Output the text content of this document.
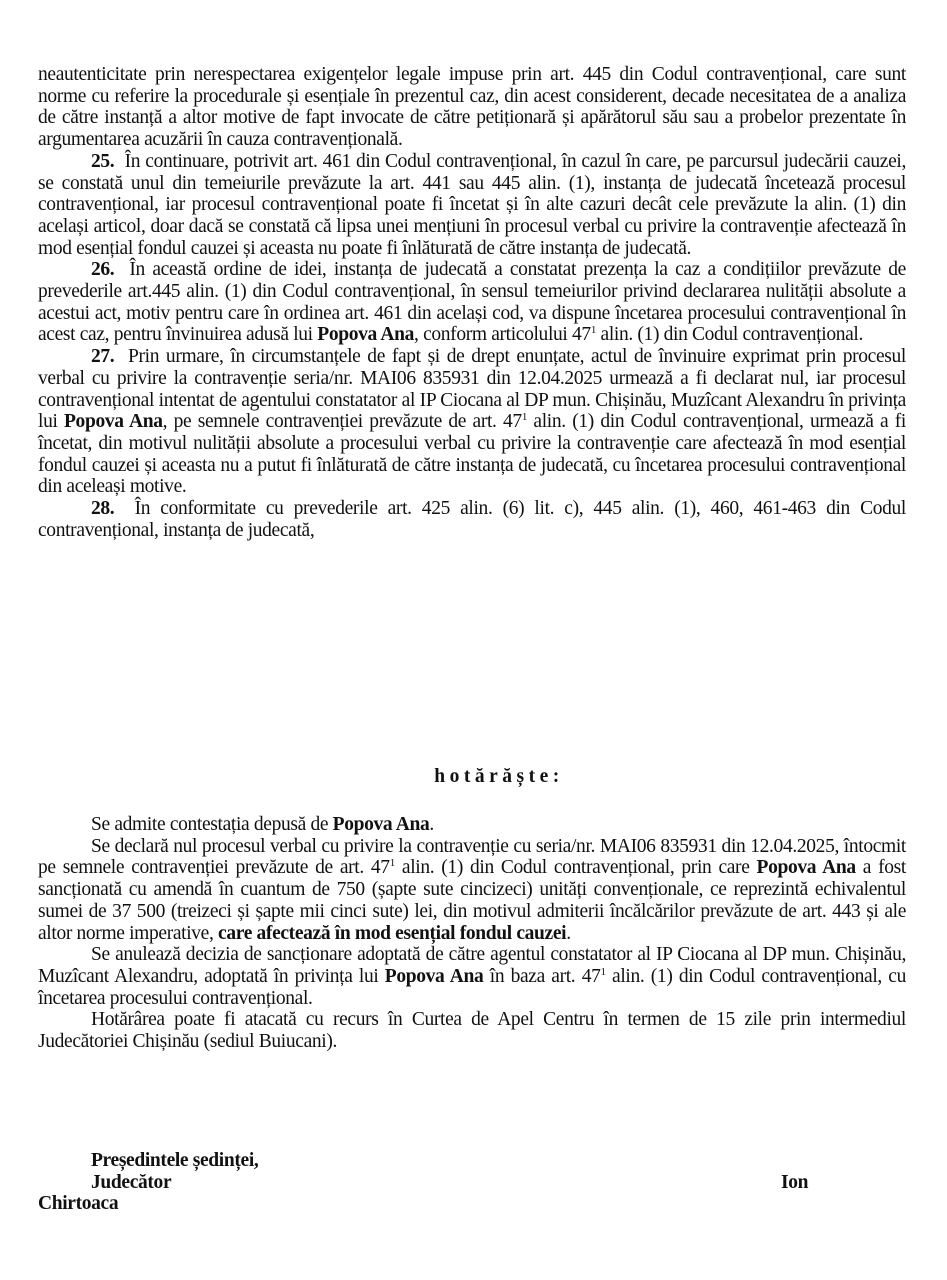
neautenticitate prin nerespectarea exigențelor legale impuse prin art. 445 din Codul contravențional, care sunt norme cu referire la procedurale și esențiale în prezentul caz, din acest considerent, decade necesitatea de a analiza de către instanță a altor motive de fapt invocate de către petiționară și apărătorul său sau a probelor prezentate în argumentarea acuzării în cauza contravențională.

25. În continuare, potrivit art. 461 din Codul contravențional, în cazul în care, pe parcursul judecării cauzei, se constată unul din temeiurile prevăzute la art. 441 sau 445 alin. (1), instanța de judecată încetează procesul contravențional, iar procesul contravențional poate fi încetat și în alte cazuri decât cele prevăzute la alin. (1) din același articol, doar dacă se constată că lipsa unei mențiuni în procesul verbal cu privire la contravenție afectează în mod esențial fondul cauzei și aceasta nu poate fi înlăturată de către instanța de judecată.

26. În această ordine de idei, instanța de judecată a constatat prezența la caz a condițiilor prevăzute de prevederile art.445 alin. (1) din Codul contravențional, în sensul temeiurilor privind declararea nulității absolute a acestui act, motiv pentru care în ordinea art. 461 din același cod, va dispune încetarea procesului contravențional în acest caz, pentru învinuirea adusă lui Popova Ana, conform articolului $47^1$ alin. (1) din Codul contravențional.

27. Prin urmare, în circumstanțele de fapt și de drept enunțate, actul de învinuire exprimat prin procesul verbal cu privire la contravenție seria/nr. MAI06 835931 din 12.04.2025 urmează a fi declarat nul, iar procesul contravențional intentat de agentului constatator al IP Ciocana al DP mun. Chișinău, Muzîcant Alexandru în privința lui Popova Ana, pe semnele contravenției prevăzute de art. $47^1$ alin. (1) din Codul contravențional, urmează a fi încetat, din motivul nulității absolute a procesului verbal cu privire la contravenție care afectează în mod esențial fondul cauzei și aceasta nu a putut fi înlăturată de către instanța de judecată, cu încetarea procesului contravențional din aceleași motive.

28. În conformitate cu prevederile art. 425 alin. (6) lit. c), 445 alin. (1), 460, 461-463 din Codul contravențional, instanța de judecată,

hotărăște:

Se admite contestația depusă de Popova Ana.

Se declară nul procesul verbal cu privire la contravenție cu seria/nr. MAI06 835931 din 12.04.2025, întocmit pe semnele contravenției prevăzute de art. $47^1$ alin. (1) din Codul contravențional, prin care Popova Ana a fost sancționată cu amendă în cuantum de 750 (șapte sute cincizeci) unități convenționale, ce reprezintă echivalentul sumei de 37 500 (treizeci și șapte mii cinci sute) lei, din motivul admiterii încălcărilor prevăzute de art. 443 și ale altor norme imperative, care afectează în mod esențial fondul cauzei.

Se anulează decizia de sancționare adoptată de către agentul constatator al IP Ciocana al DP mun. Chișinău, Muzîcant Alexandru, adoptată în privința lui Popova Ana în baza art. $47^1$ alin. (1) din Codul contravențional, cu încetarea procesului contravențional.

Hotărârea poate fi atacată cu recurs în Curtea de Apel Centru în termen de 15 zile prin intermediul Judecătoriei Chișinău (sediul Buiucani).

Președintele ședinței,
Judecător	Ion
Chirtoaca
